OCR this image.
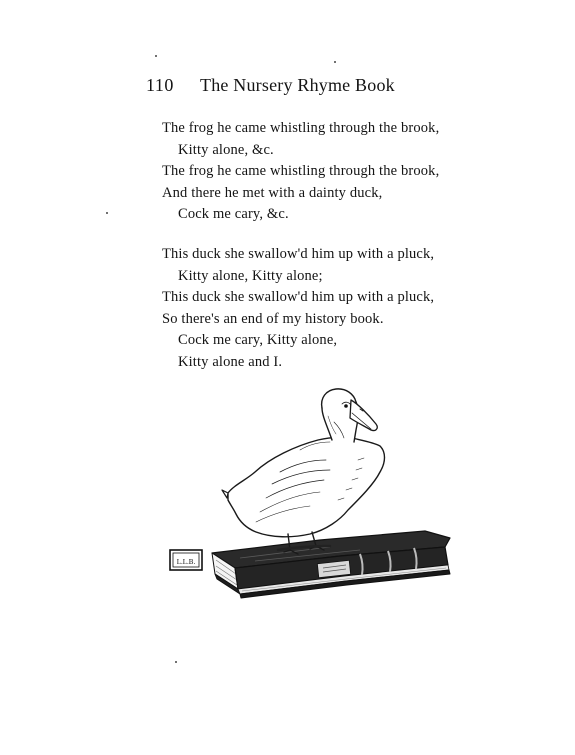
110 The Nursery Rhyme Book
The frog he came whistling through the brook,
Kitty alone, &c.
The frog he came whistling through the brook,
And there he met with a dainty duck,
Cock me cary, &c.
This duck she swallow'd him up with a pluck,
Kitty alone, Kitty alone;
This duck she swallow'd him up with a pluck,
So there's an end of my history book.
Cock me cary, Kitty alone,
Kitty alone and I.
L.L.B.
